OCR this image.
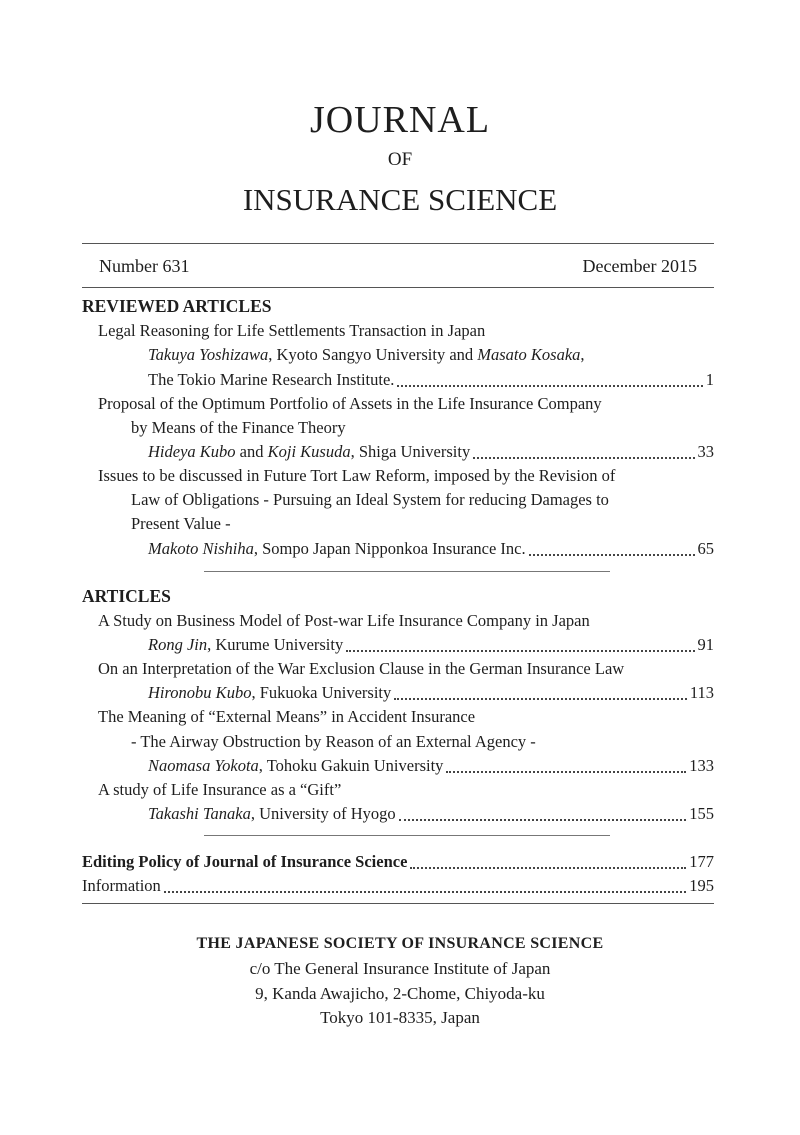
JOURNAL
OF
INSURANCE SCIENCE
Number 631	December 2015
REVIEWED ARTICLES
Legal Reasoning for Life Settlements Transaction in Japan
Takuya Yoshizawa , Kyoto Sangyo University and Masato Kosaka ,
The Tokio Marine Research Institute.	1
Proposal of the Optimum Portfolio of Assets in the Life Insurance Company
by Means of the Finance Theory
Hideya Kubo and Koji Kusuda , Shiga University	33
Issues to be discussed in Future Tort Law Reform, imposed by the Revision of
Law of Obligations - Pursuing an Ideal System for reducing Damages to
Present Value -
Makoto Nishiha , Sompo Japan Nipponkoa Insurance Inc.	65
ARTICLES
A Study on Business Model of Post-war Life Insurance Company in Japan
Rong Jin , Kurume University	91
On an Interpretation of the War Exclusion Clause in the German Insurance Law
Hironobu Kubo , Fukuoka University	113
The Meaning of “External Means” in Accident Insurance
- The Airway Obstruction by Reason of an External Agency -
Naomasa Yokota , Tohoku Gakuin University	133
A study of Life Insurance as a “Gift”
Takashi Tanaka , University of Hyogo	155
Editing Policy of Journal of Insurance Science	177
Information	195
THE JAPANESE SOCIETY OF INSURANCE SCIENCE
c/o The General Insurance Institute of Japan
9, Kanda Awajicho, 2-Chome, Chiyoda-ku
Tokyo 101-8335, Japan
